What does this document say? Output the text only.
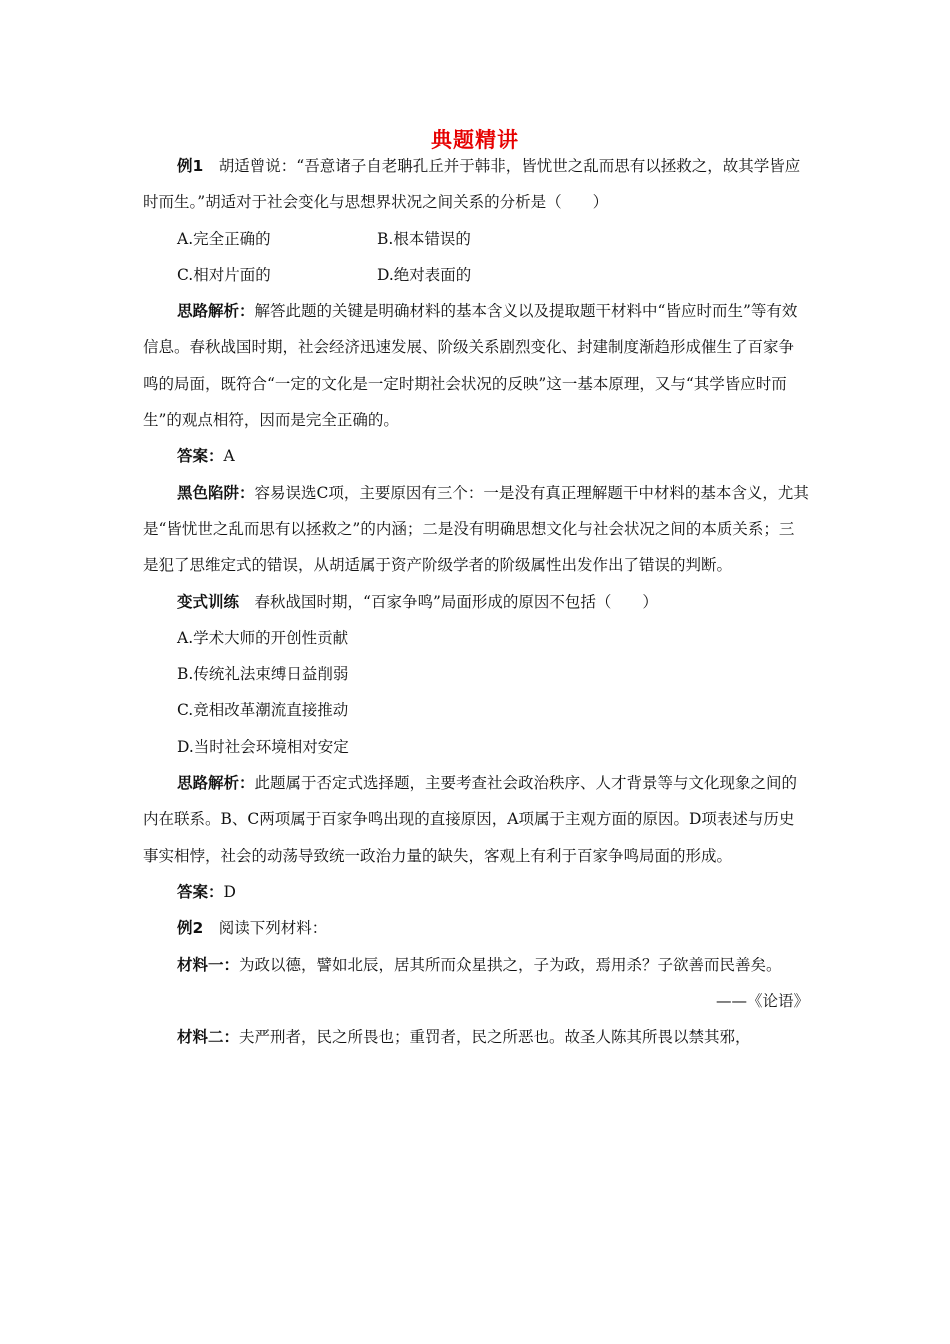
典题精讲

例1　胡适曾说：“吾意诸子自老聃孔丘并于韩非，皆忧世之乱而思有以拯救之，故其学皆应时而生。”胡适对于社会变化与思想界状况之间关系的分析是（　　）

A.完全正确的	B.根本错误的
C.相对片面的	D.绝对表面的

思路解析：解答此题的关键是明确材料的基本含义以及提取题干材料中“皆应时而生”等有效信息。春秋战国时期，社会经济迅速发展、阶级关系剧烈变化、封建制度渐趋形成催生了百家争鸣的局面，既符合“一定的文化是一定时期社会状况的反映”这一基本原理，又与“其学皆应时而生”的观点相符，因而是完全正确的。

答案：A

黑色陷阱：容易误选C项，主要原因有三个：一是没有真正理解题干中材料的基本含义，尤其是“皆忧世之乱而思有以拯救之”的内涵；二是没有明确思想文化与社会状况之间的本质关系；三是犯了思维定式的错误，从胡适属于资产阶级学者的阶级属性出发作出了错误的判断。

变式训练　春秋战国时期，“百家争鸣”局面形成的原因不包括（　　）

A.学术大师的开创性贡献

B.传统礼法束缚日益削弱

C.竞相改革潮流直接推动

D.当时社会环境相对安定

思路解析：此题属于否定式选择题，主要考查社会政治秩序、人才背景等与文化现象之间的内在联系。B、C两项属于百家争鸣出现的直接原因，A项属于主观方面的原因。D项表述与历史事实相悖，社会的动荡导致统一政治力量的缺失，客观上有利于百家争鸣局面的形成。

答案：D

例2　阅读下列材料：

材料一：为政以德，譬如北辰，居其所而众星拱之，子为政，焉用杀？子欲善而民善矣。

——《论语》

材料二：夫严刑者，民之所畏也；重罚者，民之所恶也。故圣人陈其所畏以禁其邪，
